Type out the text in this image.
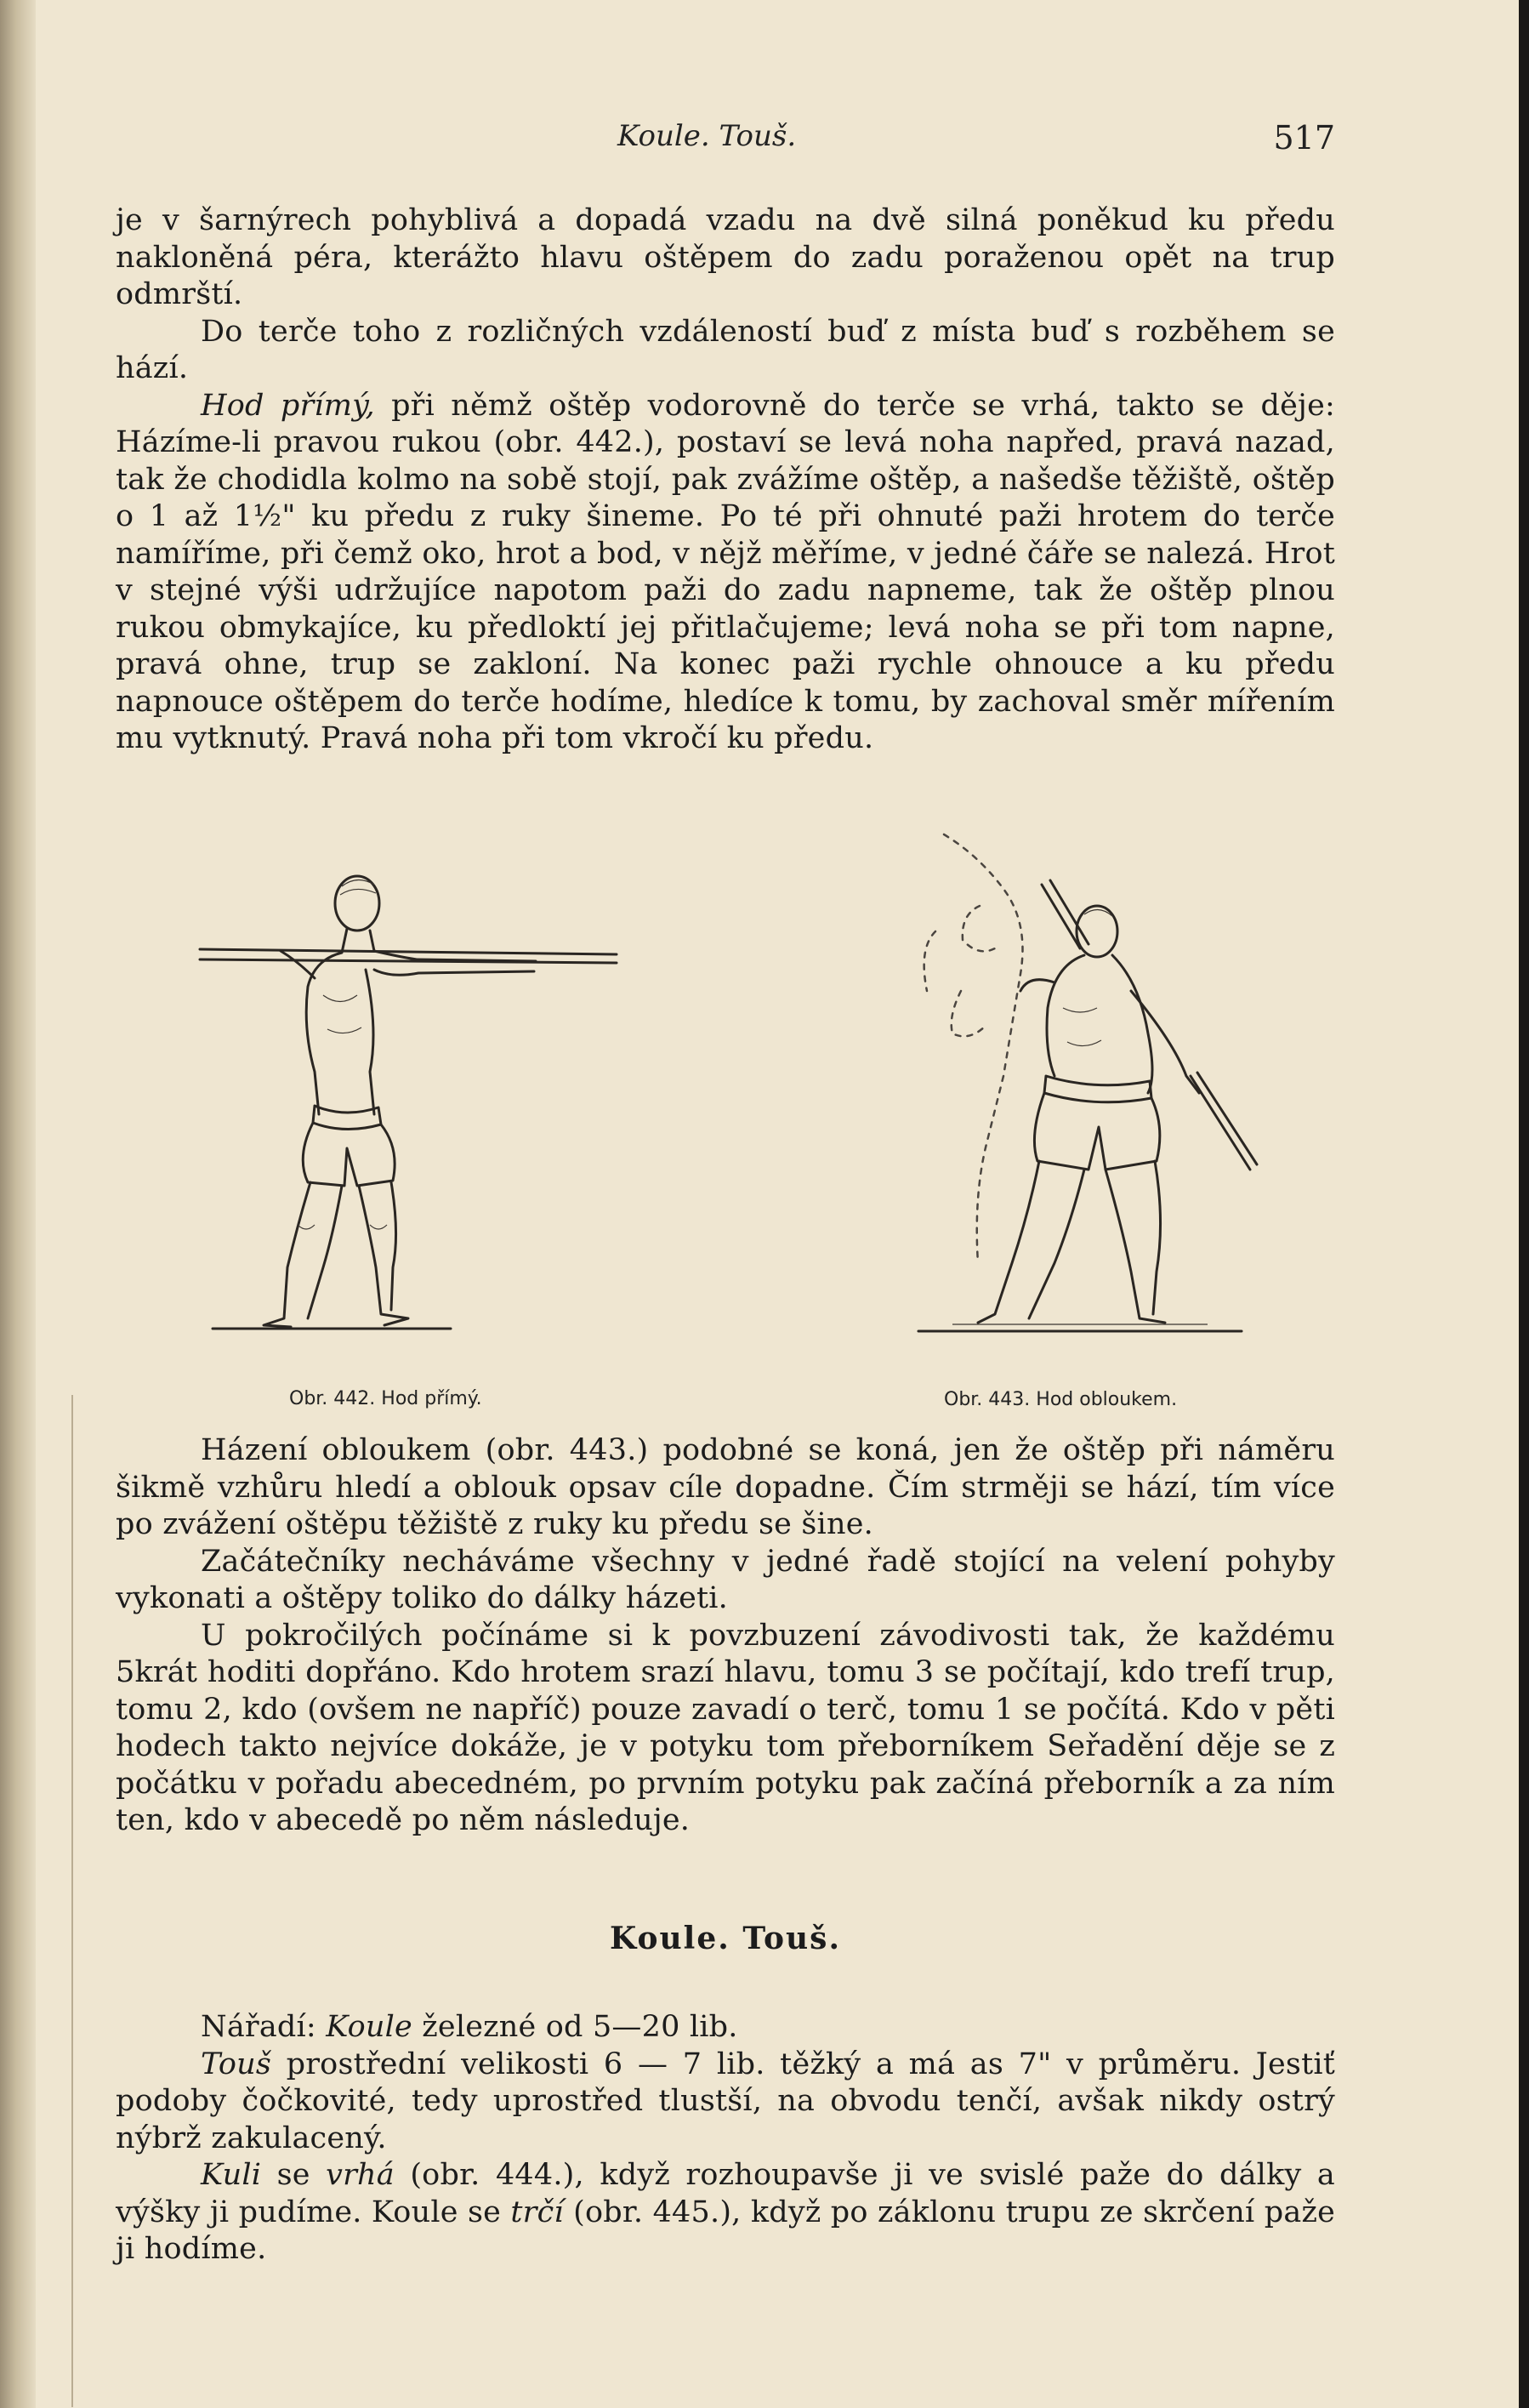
Koule. Touš.	517

je v šarnýrech pohyblivá a dopadá vzadu na dvě silná poněkud ku předu nakloněná péra, kterážto hlavu oštěpem do zadu poraženou opět na trup odmrští.

Do terče toho z rozličných vzdáleností buď z místa buď s rozběhem se hází.

Hod přímý, při němž oštěp vodorovně do terče se vrhá, takto se děje: Házíme-li pravou rukou (obr. 442.), postaví se levá noha napřed, pravá nazad, tak že chodidla kolmo na sobě stojí, pak zvážíme oštěp, a našedše těžiště, oštěp o 1 až 1½" ku předu z ruky šineme. Po té při ohnuté paži hrotem do terče namíříme, při čemž oko, hrot a bod, v nějž měříme, v jedné čáře se nalezá. Hrot v stejné výši udržujíce napotom paži do zadu napneme, tak že oštěp plnou rukou obmykajíce, ku předloktí jej přitlačujeme; levá noha se při tom napne, pravá ohne, trup se zakloní. Na konec paži rychle ohnouce a ku předu napnouce oštěpem do terče hodíme, hledíce k tomu, by zachoval směr mířením mu vytknutý. Pravá noha při tom vkročí ku předu.

Obr. 442. Hod přímý.	Obr. 443. Hod obloukem.

Házení obloukem (obr. 443.) podobné se koná, jen že oštěp při náměru šikmě vzhůru hledí a oblouk opsav cíle dopadne. Čím strměji se hází, tím více po zvážení oštěpu těžiště z ruky ku předu se šine.

Začátečníky necháváme všechny v jedné řadě stojící na velení pohyby vykonati a oštěpy toliko do dálky házeti.

U pokročilých počínáme si k povzbuzení závodivosti tak, že každému 5krát hoditi dopřáno. Kdo hrotem srazí hlavu, tomu 3 se počítají, kdo trefí trup, tomu 2, kdo (ovšem ne napříč) pouze zavadí o terč, tomu 1 se počítá. Kdo v pěti hodech takto nejvíce dokáže, je v potyku tom přeborníkem Seřadění děje se z počátku v pořadu abecedném, po prvním potyku pak začíná přeborník a za ním ten, kdo v abecedě po něm následuje.

Koule. Touš.

Nářadí: Koule železné od 5—20 lib.

Touš prostřední velikosti 6 — 7 lib. těžký a má as 7" v průměru. Jestiť podoby čočkovité, tedy uprostřed tlustší, na obvodu tenčí, avšak nikdy ostrý nýbrž zakulacený.

Kuli se vrhá (obr. 444.), když rozhoupavše ji ve svislé paže do dálky a výšky ji pudíme. Koule se trčí (obr. 445.), když po záklonu trupu ze skrčení paže ji hodíme.
